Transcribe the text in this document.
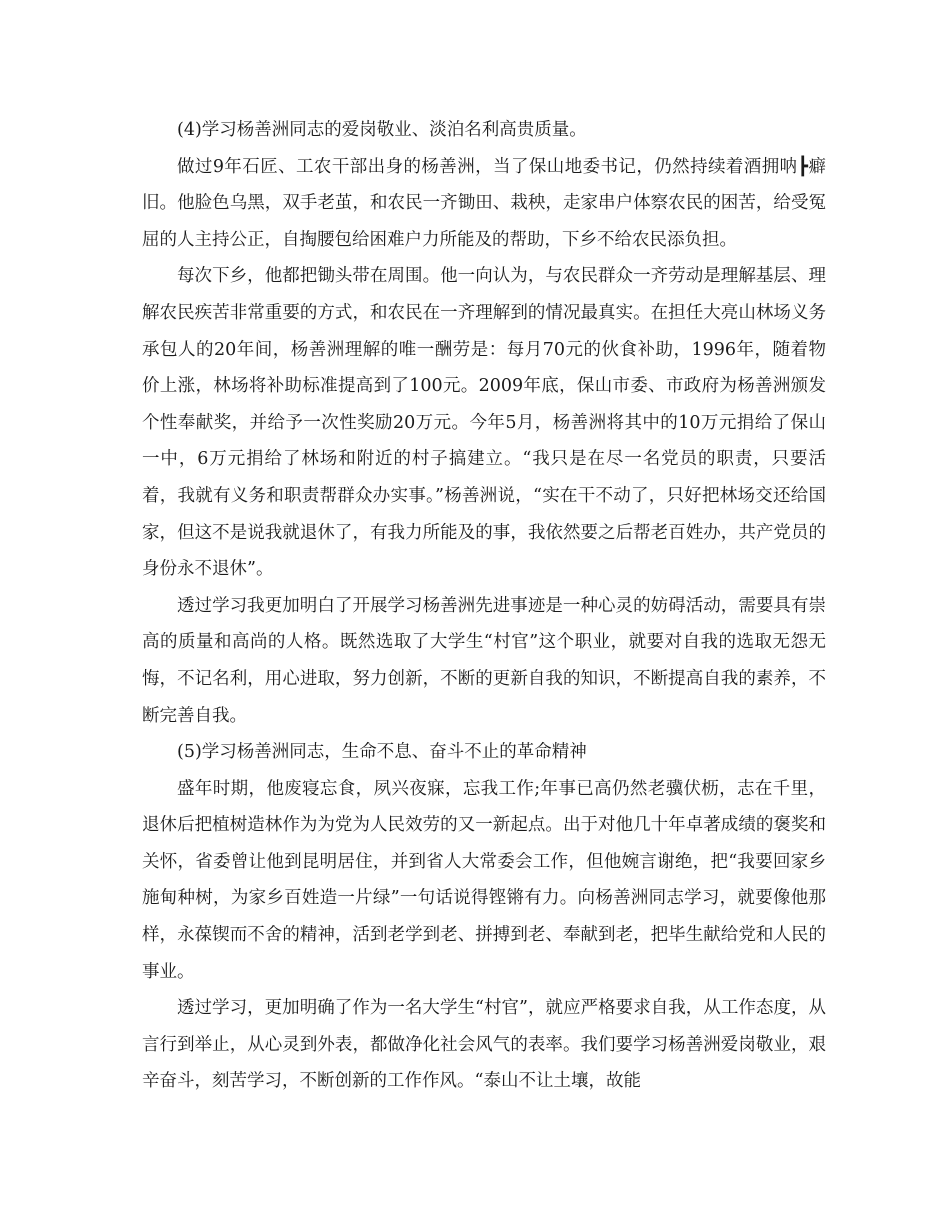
(4)学习杨善洲同志的爱岗敬业、淡泊名利高贵质量。

做过9年石匠、工农干部出身的杨善洲，当了保山地委书记，仍然持续着酒拥呐┣癖旧。他脸色乌黑，双手老茧，和农民一齐锄田、栽秧，走家串户体察农民的困苦，给受冤屈的人主持公正，自掏腰包给困难户力所能及的帮助，下乡不给农民添负担。

每次下乡，他都把锄头带在周围。他一向认为，与农民群众一齐劳动是理解基层、理解农民疾苦非常重要的方式，和农民在一齐理解到的情况最真实。在担任大亮山林场义务承包人的20年间，杨善洲理解的唯一酬劳是：每月70元的伙食补助，1996年，随着物价上涨，林场将补助标准提高到了100元。2009年底，保山市委、市政府为杨善洲颁发个性奉献奖，并给予一次性奖励20万元。今年5月，杨善洲将其中的10万元捐给了保山一中，6万元捐给了林场和附近的村子搞建立。“我只是在尽一名党员的职责，只要活着，我就有义务和职责帮群众办实事。”杨善洲说，“实在干不动了，只好把林场交还给国家，但这不是说我就退休了，有我力所能及的事，我依然要之后帮老百姓办，共产党员的身份永不退休”。

透过学习我更加明白了开展学习杨善洲先进事迹是一种心灵的妨碍活动，需要具有崇高的质量和高尚的人格。既然选取了大学生“村官”这个职业，就要对自我的选取无怨无悔，不记名利，用心进取，努力创新，不断的更新自我的知识，不断提高自我的素养，不断完善自我。

(5)学习杨善洲同志，生命不息、奋斗不止的革命精神

盛年时期，他废寝忘食，夙兴夜寐，忘我工作;年事已高仍然老骥伏枥，志在千里，退休后把植树造林作为为党为人民效劳的又一新起点。出于对他几十年卓著成绩的褒奖和关怀，省委曾让他到昆明居住，并到省人大常委会工作，但他婉言谢绝，把“我要回家乡施甸种树，为家乡百姓造一片绿”一句话说得铿锵有力。向杨善洲同志学习，就要像他那样，永葆锲而不舍的精神，活到老学到老、拼搏到老、奉献到老，把毕生献给党和人民的事业。

透过学习，更加明确了作为一名大学生“村官”，就应严格要求自我，从工作态度，从言行到举止，从心灵到外表，都做净化社会风气的表率。我们要学习杨善洲爱岗敬业，艰辛奋斗，刻苦学习，不断创新的工作作风。“泰山不让土壤，故能
